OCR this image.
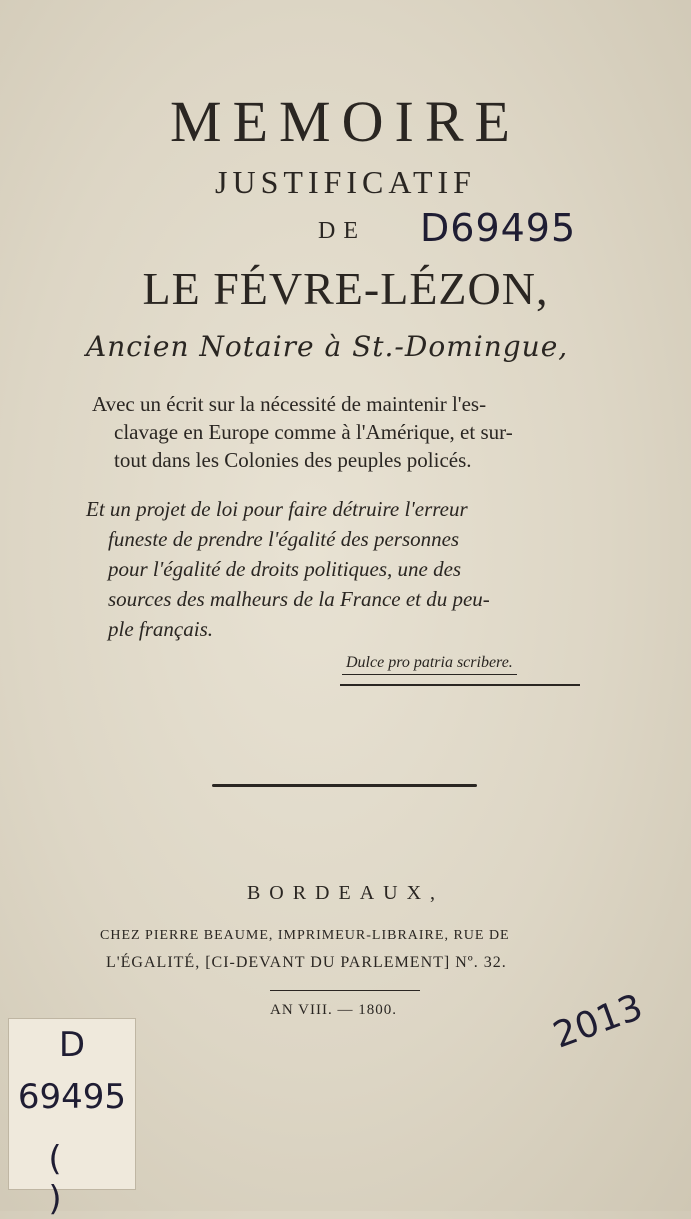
MEMOIRE
JUSTIFICATIF
DE D69495
LE FÉVRE-LÉZON,
Ancien Notaire à St.-Domingue,
Avec un écrit sur la nécessité de maintenir l'es-
clavage en Europe comme à l'Amérique, et sur-
tout dans les Colonies des peuples policés.
Et un projet de loi pour faire détruire l'erreur
funeste de prendre l'égalité des personnes
pour l'égalité de droits politiques, une des
sources des malheurs de la France et du peu-
ple français.
Dulce pro patria scribere.
BORDEAUX,
CHEZ PIERRE BEAUME, IMPRIMEUR-LIBRAIRE, RUE DE
L'ÉGALITÉ, [CI-DEVANT DU PARLEMENT] Nº. 32.
AN VIII. — 1800.	2013
D
69495
( )
